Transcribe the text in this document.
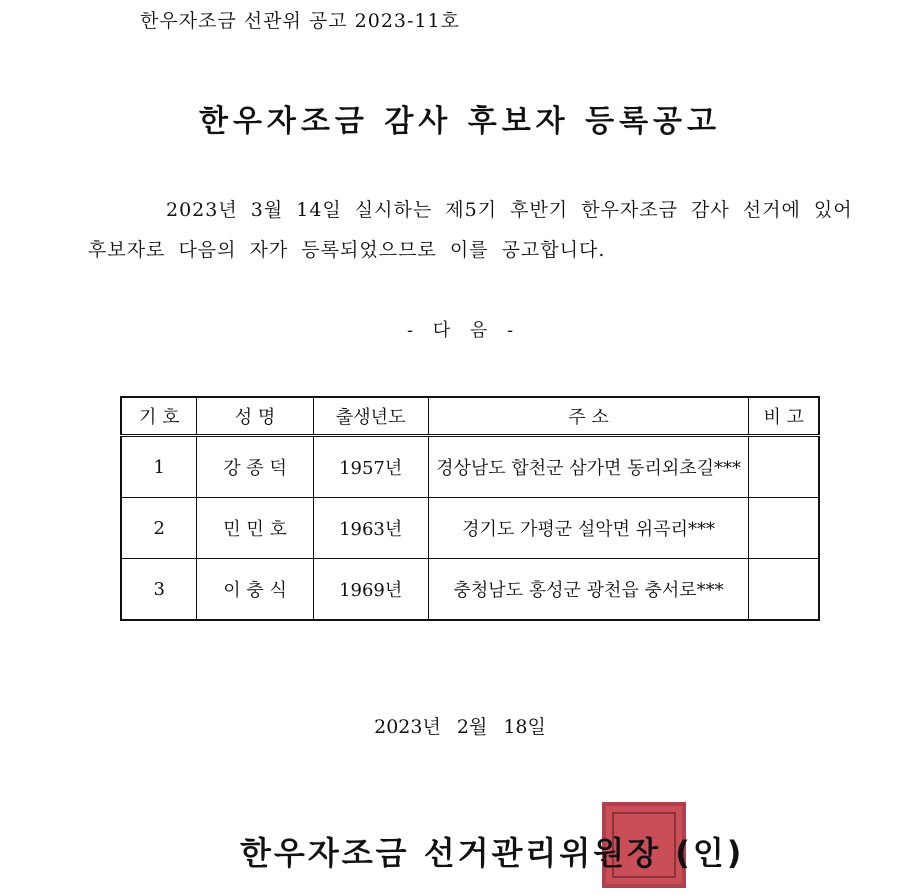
한우자조금 선관위 공고 2023-11호
한우자조금 감사 후보자 등록공고
2023년 3월 14일 실시하는 제5기 후반기 한우자조금 감사 선거에 있어
후보자로 다음의 자가 등록되었으므로 이를 공고합니다.
- 다 음 -
기 호	성 명	출생년도	주 소	비 고
1	강 종 덕	1957년	경상남도 합천군 삼가면 동리외초길***	
2	민 민 호	1963년	경기도 가평군 설악면 위곡리***	
3	이 충 식	1969년	충청남도 홍성군 광천읍 충서로***	
2023년 2월 18일
한우자조금 선거관리위원장 (인)
